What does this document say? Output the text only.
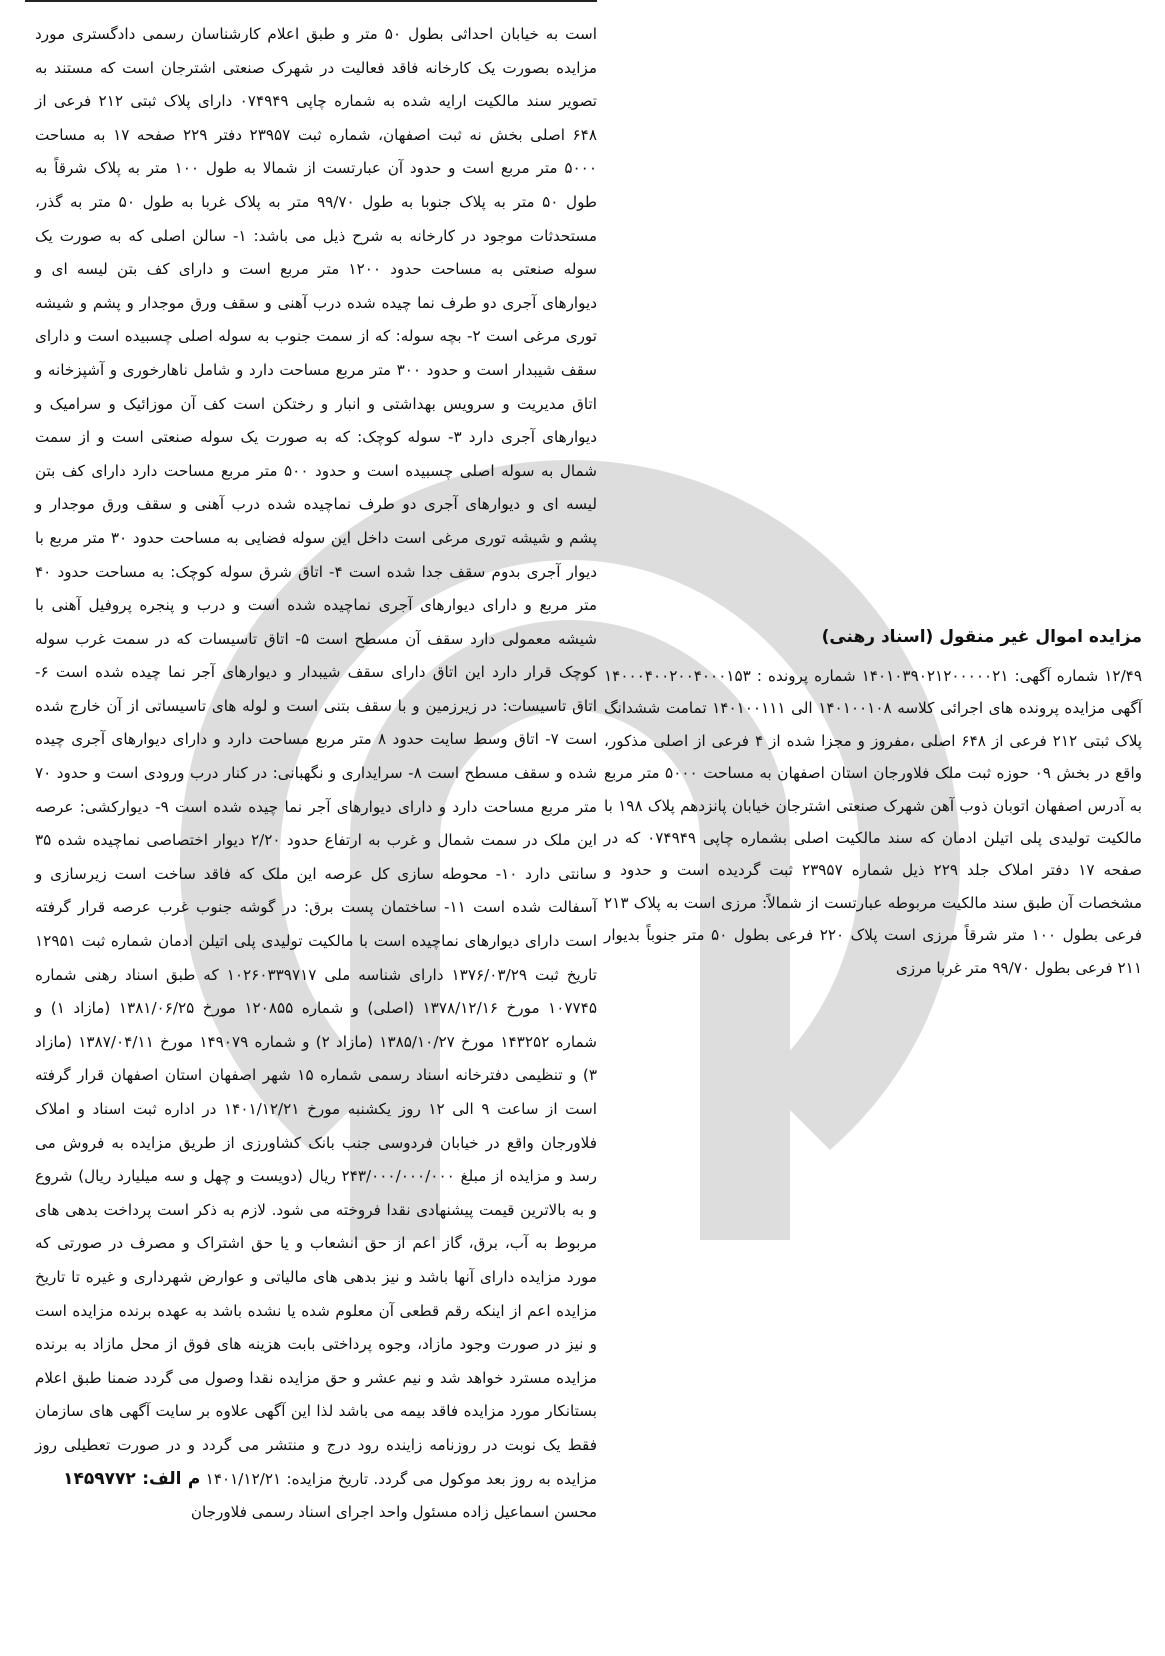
است به خیابان احداثی بطول ۵۰ متر و طبق اعلام کارشناسان رسمی دادگستری مورد مزایده بصورت یک کارخانه فاقد فعالیت در شهرک صنعتی اشترجان است که مستند به تصویر سند مالکیت ارایه شده به شماره چاپی ۰۷۴۹۴۹ دارای پلاک ثبتی ۲۱۲ فرعی از ۶۴۸ اصلی بخش نه ثبت اصفهان، شماره ثبت ۲۳۹۵۷ دفتر ۲۲۹ صفحه ۱۷ به مساحت ۵۰۰۰ متر مربع است و حدود آن عبارتست از شمالا به طول ۱۰۰ متر به پلاک شرقاً به طول ۵۰ متر به پلاک جنوبا به طول ۹۹/۷۰ متر به پلاک غربا به طول ۵۰ متر به گذر، مستحدثات موجود در کارخانه به شرح ذیل می باشد: ۱- سالن اصلی که به صورت یک سوله صنعتی به مساحت حدود ۱۲۰۰ متر مربع است و دارای کف بتن لیسه ای و دیوارهای آجری دو طرف نما چیده شده درب آهنی و سقف ورق موجدار و پشم و شیشه توری مرغی است ۲- بچه سوله: که از سمت جنوب به سوله اصلی چسبیده است و دارای سقف شیبدار است و حدود ۳۰۰ متر مربع مساحت دارد و شامل ناهارخوری و آشپزخانه و اتاق مدیریت و سرویس بهداشتی و انبار و رختکن است کف آن موزائیک و سرامیک و دیوارهای آجری دارد ۳- سوله کوچک: که به صورت یک سوله صنعتی است و از سمت شمال به سوله اصلی چسبیده است و حدود ۵۰۰ متر مربع مساحت دارد دارای کف بتن لیسه ای و دیوارهای آجری دو طرف نماچیده شده درب آهنی و سقف ورق موجدار و پشم و شیشه توری مرغی است داخل این سوله فضایی به مساحت حدود ۳۰ متر مربع با دیوار آجری بدوم سقف جدا شده است ۴- اتاق شرق سوله کوچک: به مساحت حدود ۴۰ متر مربع و دارای دیوارهای آجری نماچیده شده است و درب و پنجره پروفیل آهنی با شیشه معمولی دارد سقف آن مسطح است ۵- اتاق تاسیسات که در سمت غرب سوله کوچک قرار دارد این اتاق دارای سقف شیبدار و دیوارهای آجر نما چیده شده است ۶- اتاق تاسیسات: در زیرزمین و با سقف بتنی است و لوله های تاسیساتی از آن خارج شده است ۷- اتاق وسط سایت حدود ۸ متر مربع مساحت دارد و دارای دیوارهای آجری چیده شده و سقف مسطح است ۸- سرایداری و نگهبانی: در کنار درب ورودی است و حدود ۷۰ متر مربع مساحت دارد و دارای دیوارهای آجر نما چیده شده است ۹- دیوارکشی: عرصه این ملک در سمت شمال و غرب به ارتفاع حدود ۲/۲۰ دیوار اختصاصی نماچیده شده ۳۵ سانتی دارد ۱۰- محوطه سازی کل عرصه این ملک که فاقد ساخت است زیرسازی و آسفالت شده است ۱۱- ساختمان پست برق: در گوشه جنوب غرب عرصه قرار گرفته است دارای دیوارهای نماچیده است با مالکیت تولیدی پلی اتیلن ادمان شماره ثبت ۱۲۹۵۱ تاریخ ثبت ۱۳۷۶/۰۳/۲۹ دارای شناسه ملی ۱۰۲۶۰۳۳۹۷۱۷ که طبق اسناد رهنی شماره ۱۰۷۷۴۵ مورخ ۱۳۷۸/۱۲/۱۶ (اصلی) و شماره ۱۲۰۸۵۵ مورخ ۱۳۸۱/۰۶/۲۵ (مازاد ۱) و شماره ۱۴۳۲۵۲ مورخ ۱۳۸۵/۱۰/۲۷ (مازاد ۲) و شماره ۱۴۹۰۷۹ مورخ ۱۳۸۷/۰۴/۱۱ (مازاد ۳) و تنظیمی دفترخانه اسناد رسمی شماره ۱۵ شهر اصفهان استان اصفهان قرار گرفته است از ساعت ۹ الی ۱۲ روز یکشنبه مورخ ۱۴۰۱/۱۲/۲۱ در اداره ثبت اسناد و املاک فلاورجان واقع در خیابان فردوسی جنب بانک کشاورزی از طریق مزایده به فروش می رسد و مزایده از مبلغ ۲۴۳/۰۰۰/۰۰۰/۰۰۰ ریال (دویست و چهل و سه میلیارد ریال) شروع و به بالاترین قیمت پیشنهادی نقدا فروخته می شود. لازم به ذکر است پرداخت بدهی های مربوط به آب، برق، گاز اعم از حق انشعاب و یا حق اشتراک و مصرف در صورتی که مورد مزایده دارای آنها باشد و نیز بدهی های مالیاتی و عوارض شهرداری و غیره تا تاریخ مزایده اعم از اینکه رقم قطعی آن معلوم شده یا نشده باشد به عهده برنده مزایده است و نیز در صورت وجود مازاد، وجوه پرداختی بابت هزینه های فوق از محل مازاد به برنده مزایده مسترد خواهد شد و نیم عشر و حق مزایده نقدا وصول می گردد ضمنا طبق اعلام بستانکار مورد مزایده فاقد بیمه می باشد لذا این آگهی علاوه بر سایت آگهی های سازمان فقط یک نوبت در روزنامه زاینده رود درج و منتشر می گردد و در صورت تعطیلی روز مزایده به روز بعد موکول می گردد. تاریخ مزایده: ۱۴۰۱/۱۲/۲۱ م الف: ۱۴۵۹۷۷۲
محسن اسماعیل زاده مسئول واحد اجرای اسناد رسمی فلاورجان
مزایده اموال غیر منقول (اسناد رهنی)
۱۲/۴۹ شماره آگهی: ۱۴۰۱۰۳۹۰۲۱۲۰۰۰۰۰۲۱ شماره پرونده : ۱۴۰۰۰۴۰۰۲۰۰۴۰۰۰۱۵۳ آگهی مزایده پرونده های اجرائی کلاسه ۱۴۰۱۰۰۱۰۸ الی ۱۴۰۱۰۰۱۱۱ تمامت ششدانگ پلاک ثبتی ۲۱۲ فرعی از ۶۴۸ اصلی ،مفروز و مجزا شده از ۴ فرعی از اصلی مذکور، واقع در بخش ۰۹ حوزه ثبت ملک فلاورجان استان اصفهان به مساحت ۵۰۰۰ متر مربع به آدرس اصفهان اتوبان ذوب آهن شهرک صنعتی اشترجان خیابان پانزدهم پلاک ۱۹۸ با مالکیت تولیدی پلی اتیلن ادمان که سند مالکیت اصلی بشماره چاپی ۰۷۴۹۴۹ که در صفحه ۱۷ دفتر املاک جلد ۲۲۹ ذیل شماره ۲۳۹۵۷ ثبت گردیده است و حدود و مشخصات آن طبق سند مالکیت مربوطه عبارتست از شمالاً: مرزی است به پلاک ۲۱۳ فرعی بطول ۱۰۰ متر شرقاً مرزی است پلاک ۲۲۰ فرعی بطول ۵۰ متر جنوباً بدیوار ۲۱۱ فرعی بطول ۹۹/۷۰ متر غربا مرزی
